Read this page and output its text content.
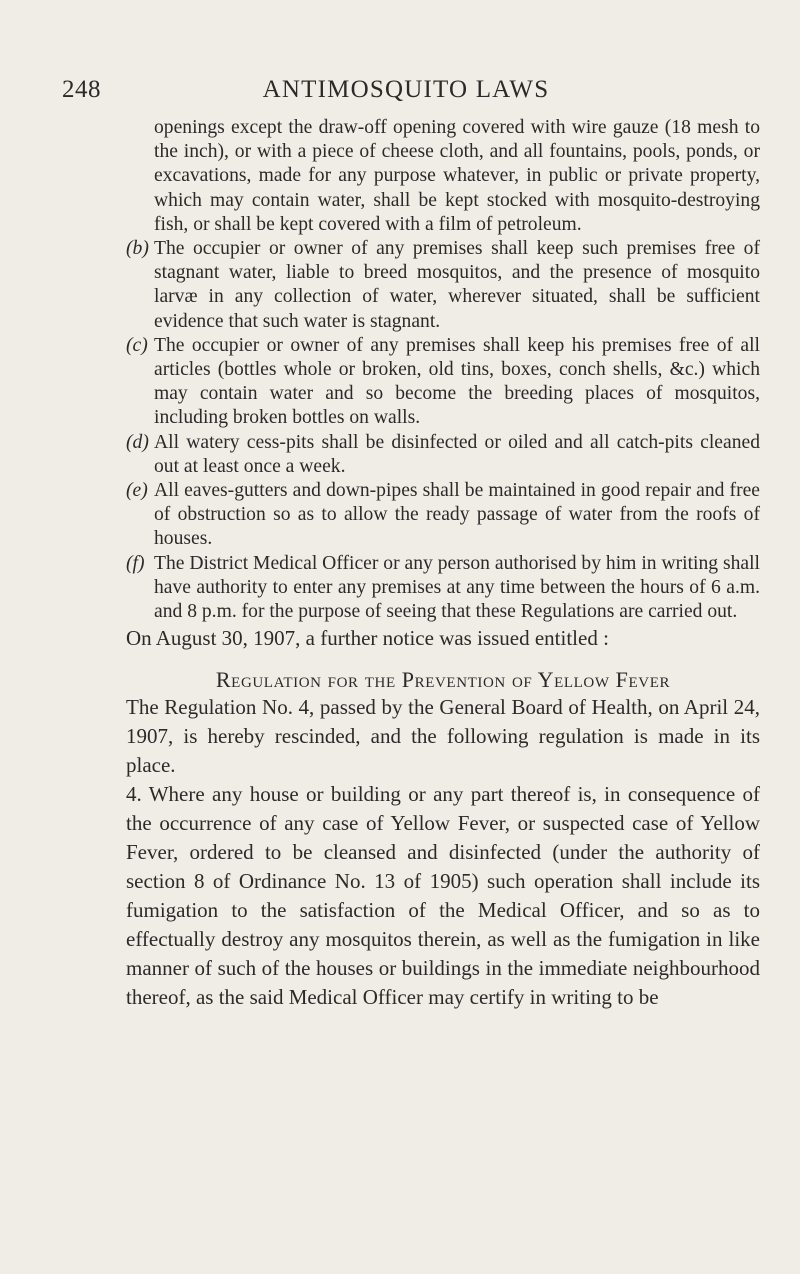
248	ANTIMOSQUITO LAWS
openings except the draw-off opening covered with wire gauze (18 mesh to the inch), or with a piece of cheese cloth, and all fountains, pools, ponds, or excavations, made for any purpose whatever, in public or private property, which may contain water, shall be kept stocked with mosquito-destroying fish, or shall be kept covered with a film of petroleum.
(b) The occupier or owner of any premises shall keep such premises free of stagnant water, liable to breed mosquitos, and the presence of mosquito larvæ in any collection of water, wherever situated, shall be sufficient evidence that such water is stagnant.
(c) The occupier or owner of any premises shall keep his premises free of all articles (bottles whole or broken, old tins, boxes, conch shells, &c.) which may contain water and so become the breeding places of mosquitos, including broken bottles on walls.
(d) All watery cess-pits shall be disinfected or oiled and all catch-pits cleaned out at least once a week.
(e) All eaves-gutters and down-pipes shall be maintained in good repair and free of obstruction so as to allow the ready passage of water from the roofs of houses.
(f) The District Medical Officer or any person authorised by him in writing shall have authority to enter any premises at any time between the hours of 6 a.m. and 8 p.m. for the purpose of seeing that these Regulations are carried out.

On August 30, 1907, a further notice was issued entitled :

Regulation for the Prevention of Yellow Fever

The Regulation No. 4, passed by the General Board of Health, on April 24, 1907, is hereby rescinded, and the following regulation is made in its place.

4. Where any house or building or any part thereof is, in consequence of the occurrence of any case of Yellow Fever, or suspected case of Yellow Fever, ordered to be cleansed and disinfected (under the authority of section 8 of Ordinance No. 13 of 1905) such operation shall include its fumigation to the satisfaction of the Medical Officer, and so as to effectually destroy any mosquitos therein, as well as the fumigation in like manner of such of the houses or buildings in the immediate neighbourhood thereof, as the said Medical Officer may certify in writing to be
